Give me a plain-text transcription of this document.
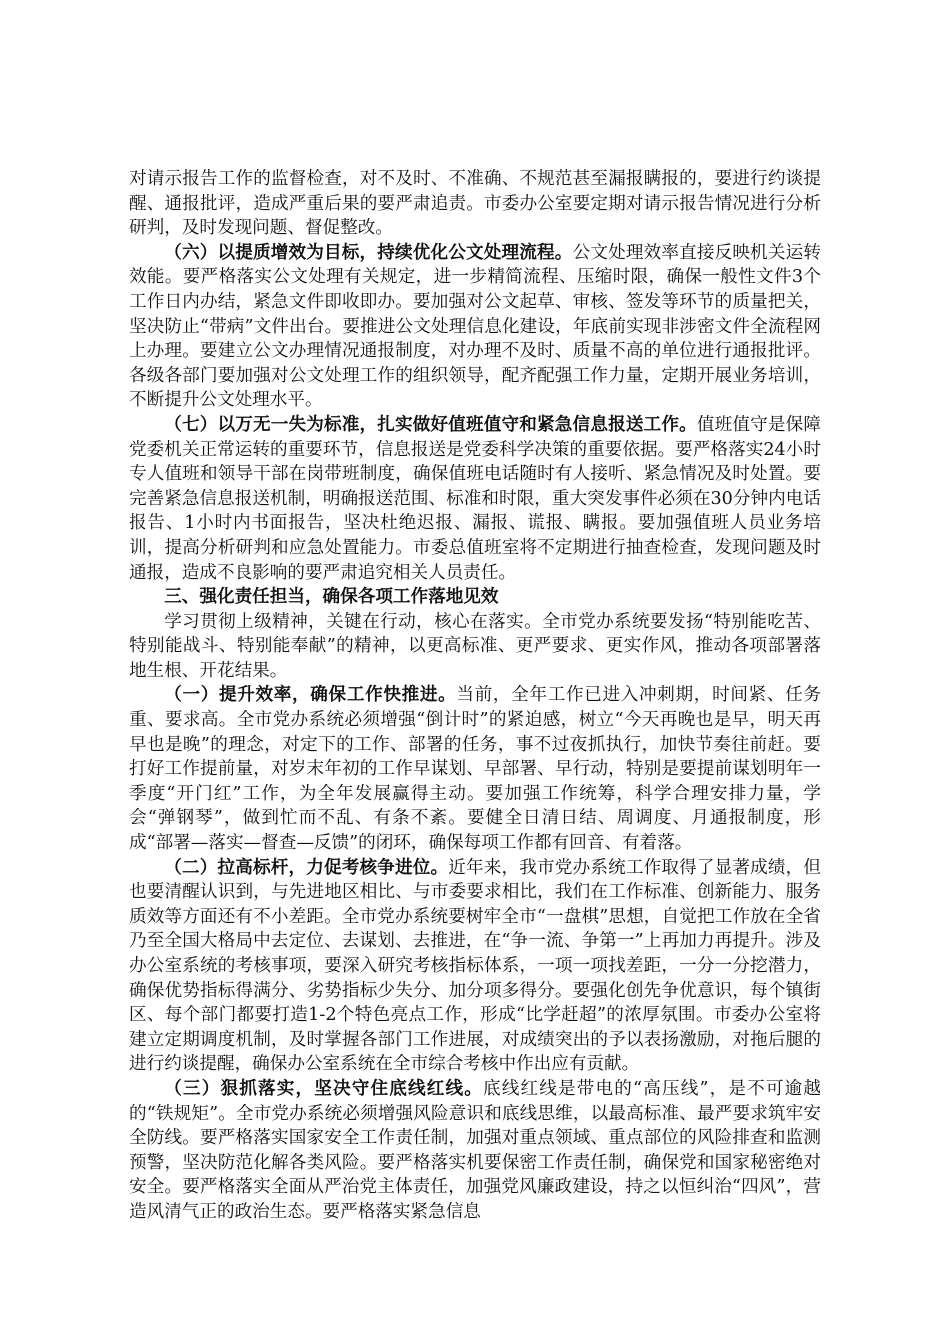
对请示报告工作的监督检查，对不及时、不准确、不规范甚至漏报瞒报的，要进行约谈提醒、通报批评，造成严重后果的要严肃追责。市委办公室要定期对请示报告情况进行分析研判，及时发现问题、督促整改。

（六）以提质增效为目标，持续优化公文处理流程。公文处理效率直接反映机关运转效能。要严格落实公文处理有关规定，进一步精简流程、压缩时限，确保一般性文件3个工作日内办结，紧急文件即收即办。要加强对公文起草、审核、签发等环节的质量把关，坚决防止“带病”文件出台。要推进公文处理信息化建设，年底前实现非涉密文件全流程网上办理。要建立公文办理情况通报制度，对办理不及时、质量不高的单位进行通报批评。各级各部门要加强对公文处理工作的组织领导，配齐配强工作力量，定期开展业务培训，不断提升公文处理水平。

（七）以万无一失为标准，扎实做好值班值守和紧急信息报送工作。值班值守是保障党委机关正常运转的重要环节，信息报送是党委科学决策的重要依据。要严格落实24小时专人值班和领导干部在岗带班制度，确保值班电话随时有人接听、紧急情况及时处置。要完善紧急信息报送机制，明确报送范围、标准和时限，重大突发事件必须在30分钟内电话报告、1小时内书面报告，坚决杜绝迟报、漏报、谎报、瞒报。要加强值班人员业务培训，提高分析研判和应急处置能力。市委总值班室将不定期进行抽查检查，发现问题及时通报，造成不良影响的要严肃追究相关人员责任。

三、强化责任担当，确保各项工作落地见效

学习贯彻上级精神，关键在行动，核心在落实。全市党办系统要发扬“特别能吃苦、特别能战斗、特别能奉献”的精神，以更高标准、更严要求、更实作风，推动各项部署落地生根、开花结果。

（一）提升效率，确保工作快推进。当前，全年工作已进入冲刺期，时间紧、任务重、要求高。全市党办系统必须增强“倒计时”的紧迫感，树立“今天再晚也是早，明天再早也是晚”的理念，对定下的工作、部署的任务，事不过夜抓执行，加快节奏往前赶。要打好工作提前量，对岁末年初的工作早谋划、早部署、早行动，特别是要提前谋划明年一季度“开门红”工作，为全年发展赢得主动。要加强工作统筹，科学合理安排力量，学会“弹钢琴”，做到忙而不乱、有条不紊。要健全日清日结、周调度、月通报制度，形成“部署—落实—督查—反馈”的闭环，确保每项工作都有回音、有着落。

（二）拉高标杆，力促考核争进位。近年来，我市党办系统工作取得了显著成绩，但也要清醒认识到，与先进地区相比、与市委要求相比，我们在工作标准、创新能力、服务质效等方面还有不小差距。全市党办系统要树牢全市“一盘棋”思想，自觉把工作放在全省乃至全国大格局中去定位、去谋划、去推进，在“争一流、争第一”上再加力再提升。涉及办公室系统的考核事项，要深入研究考核指标体系，一项一项找差距，一分一分挖潜力，确保优势指标得满分、劣势指标少失分、加分项多得分。要强化创先争优意识，每个镇街区、每个部门都要打造1-2个特色亮点工作，形成“比学赶超”的浓厚氛围。市委办公室将建立定期调度机制，及时掌握各部门工作进展，对成绩突出的予以表扬激励，对拖后腿的进行约谈提醒，确保办公室系统在全市综合考核中作出应有贡献。

（三）狠抓落实，坚决守住底线红线。底线红线是带电的“高压线”，是不可逾越的“铁规矩”。全市党办系统必须增强风险意识和底线思维，以最高标准、最严要求筑牢安全防线。要严格落实国家安全工作责任制，加强对重点领域、重点部位的风险排查和监测预警，坚决防范化解各类风险。要严格落实机要保密工作责任制，确保党和国家秘密绝对安全。要严格落实全面从严治党主体责任，加强党风廉政建设，持之以恒纠治“四风”，营造风清气正的政治生态。要严格落实紧急信息
